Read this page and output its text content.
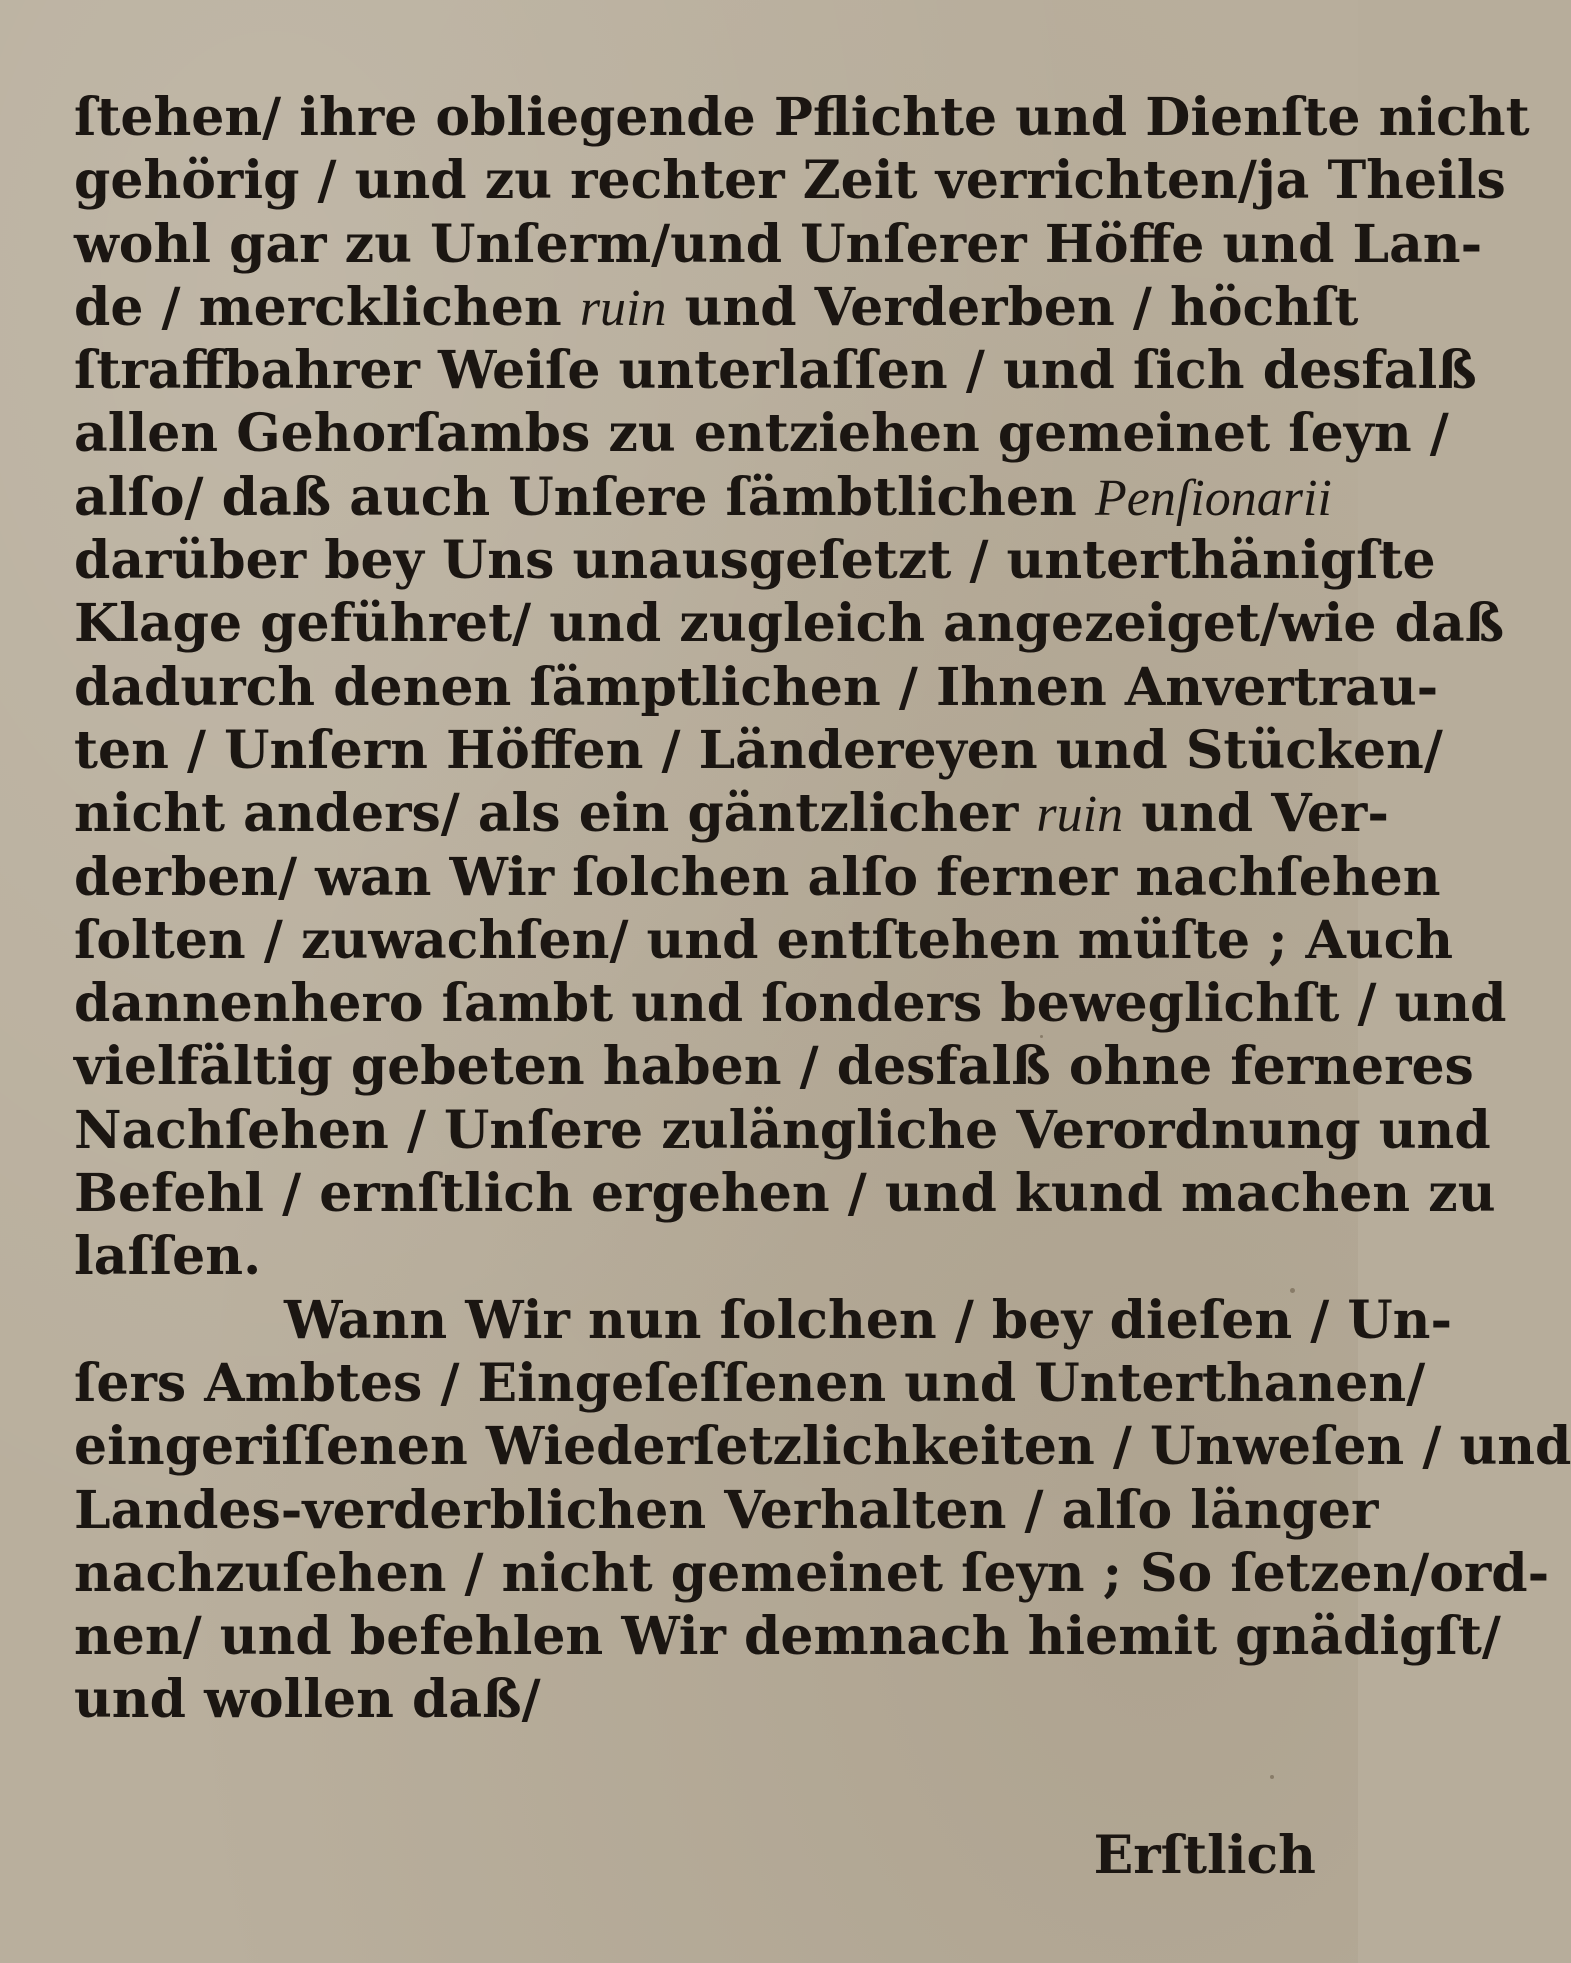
ſtehen/ ihre obliegende Pflichte und Dienſte nicht
gehörig / und zu rechter Zeit verrichten/ja Theils
wohl gar zu Unſerm/und Unſerer Höffe und Lan-
de / mercklichen ruin und Verderben / höchſt
ſtraffbahrer Weiſe unterlaſſen / und ſich desfalß
allen Gehorſambs zu entziehen gemeinet ſeyn /
alſo/ daß auch Unſere ſämbtlichen Penſionarii
darüber bey Uns unausgeſetzt / unterthänigſte
Klage geführet/ und zugleich angezeiget/wie daß
dadurch denen ſämptlichen / Ihnen Anvertrau-
ten / Unſern Höffen / Ländereyen und Stücken/
nicht anders/ als ein gäntzlicher ruin und Ver-
derben/ wan Wir ſolchen alſo ferner nachſehen
ſolten / zuwachſen/ und entſtehen müſte ; Auch
dannenhero ſambt und ſonders beweglichſt / und
vielfältig gebeten haben / desfalß ohne ferneres
Nachſehen / Unſere zulängliche Verordnung und
Befehl / ernſtlich ergehen / und kund machen zu
laſſen.
Wann Wir nun ſolchen / bey dieſen / Un-
ſers Ambtes / Eingeſeſſenen und Unterthanen/
eingeriſſenen Wiederſetzlichkeiten / Unweſen / und
Landes-verderblichen Verhalten / alſo länger
nachzuſehen / nicht gemeinet ſeyn ; So ſetzen/ord-
nen/ und befehlen Wir demnach hiemit gnädigſt/
und wollen daß/
Erſtlich
